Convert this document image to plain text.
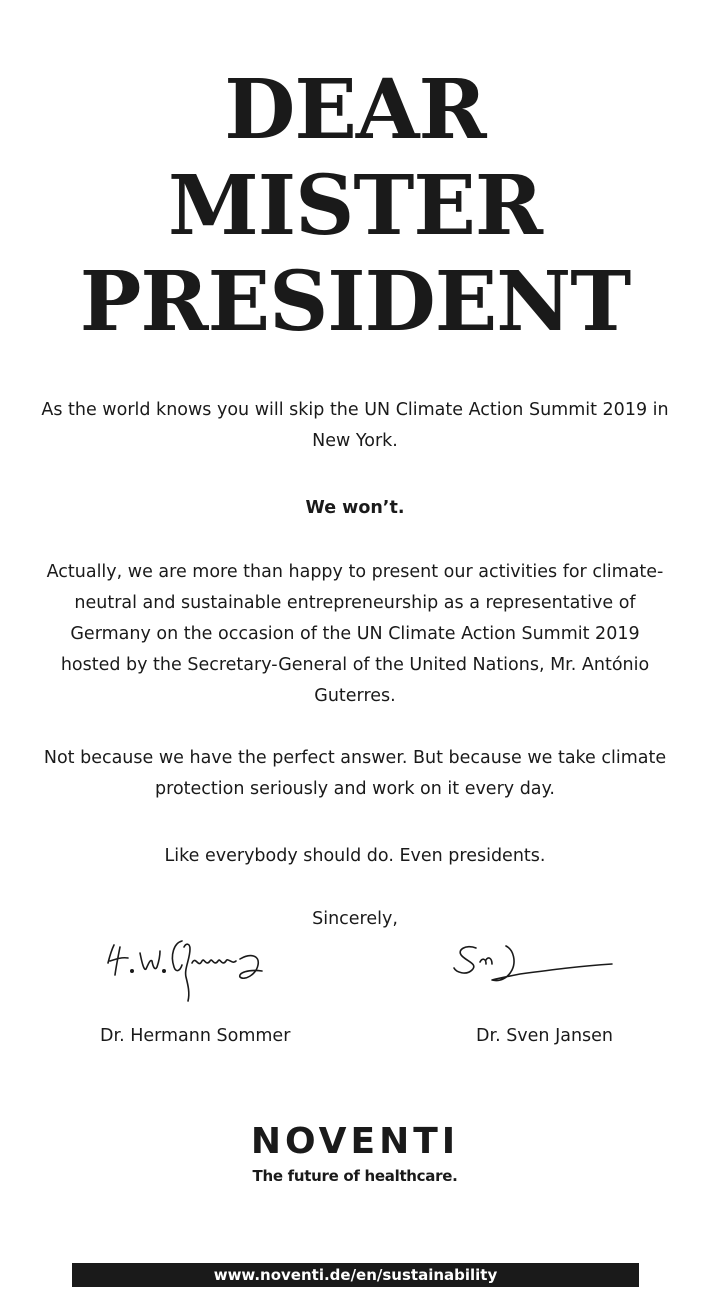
DEAR
MISTER
PRESIDENT

As the world knows you will skip the UN Climate Action Summit 2019 in New York.

We won’t.

Actually, we are more than happy to present our activities for climate-neutral and sustainable entrepreneurship as a representative of Germany on the occasion of the UN Climate Action Summit 2019 hosted by the Secretary-General of the United Nations, Mr. António Guterres.

Not because we have the perfect answer. But because we take climate protection seriously and work on it every day.

Like everybody should do. Even presidents.

Sincerely,

Dr. Hermann Sommer	Dr. Sven Jansen

NOVENTI
The future of healthcare.
www.noventi.de/en/sustainability
